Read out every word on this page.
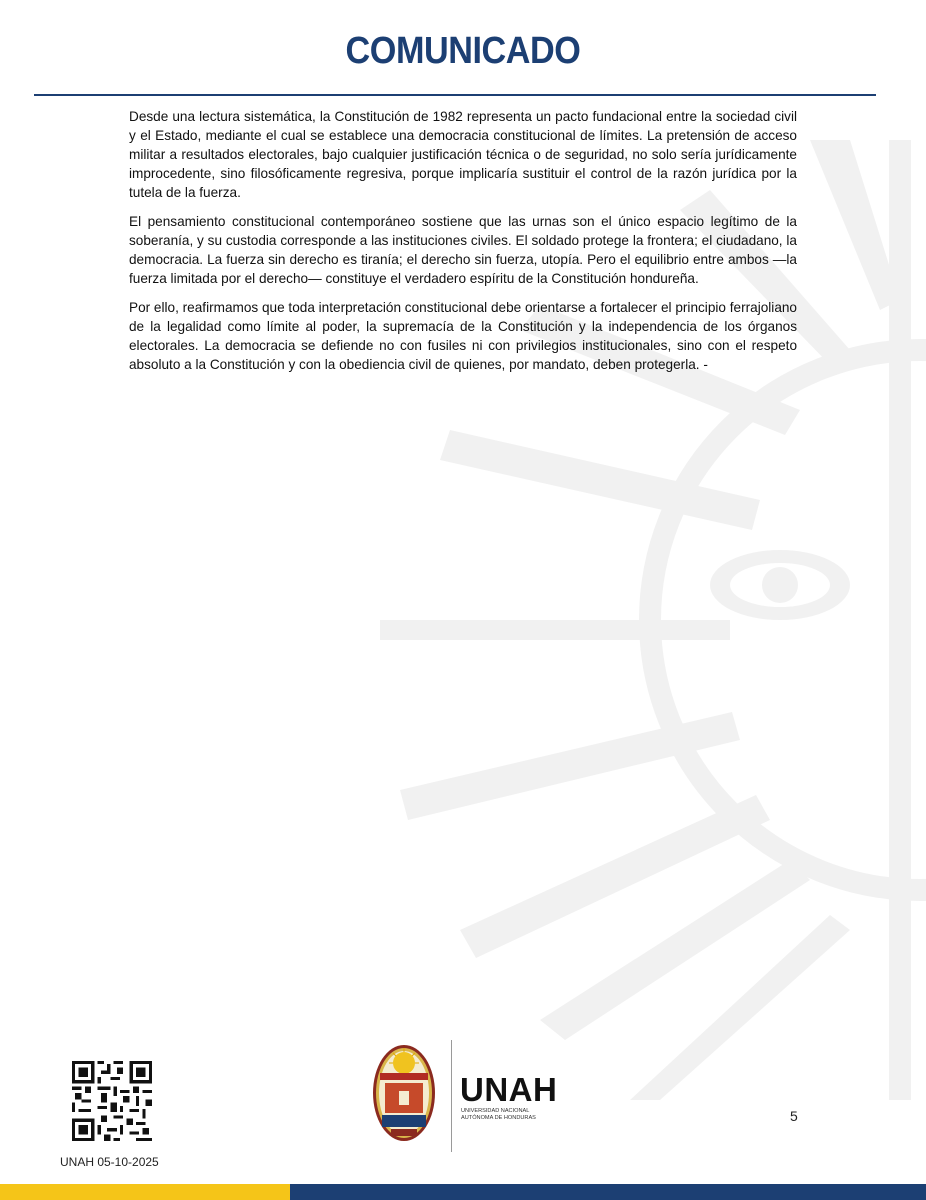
COMUNICADO

Desde una lectura sistemática, la Constitución de 1982 representa un pacto fundacional entre la sociedad civil y el Estado, mediante el cual se establece una democracia constitucional de límites. La pretensión de acceso militar a resultados electorales, bajo cualquier justificación técnica o de seguridad, no solo sería jurídicamente improcedente, sino filosóficamente regresiva, porque implicaría sustituir el control de la razón jurídica por la tutela de la fuerza.

El pensamiento constitucional contemporáneo sostiene que las urnas son el único espacio legítimo de la soberanía, y su custodia corresponde a las instituciones civiles. El soldado protege la frontera; el ciudadano, la democracia. La fuerza sin derecho es tiranía; el derecho sin fuerza, utopía. Pero el equilibrio entre ambos —la fuerza limitada por el derecho— constituye el verdadero espíritu de la Constitución hondureña.

Por ello, reafirmamos que toda interpretación constitucional debe orientarse a fortalecer el principio ferrajoliano de la legalidad como límite al poder, la supremacía de la Constitución y la independencia de los órganos electorales. La democracia se defiende no con fusiles ni con privilegios institucionales, sino con el respeto absoluto a la Constitución y con la obediencia civil de quienes, por mandato, deben protegerla. -

UNAH 05-10-2025
UNAH
UNIVERSIDAD NACIONAL
AUTÓNOMA DE HONDURAS	5
